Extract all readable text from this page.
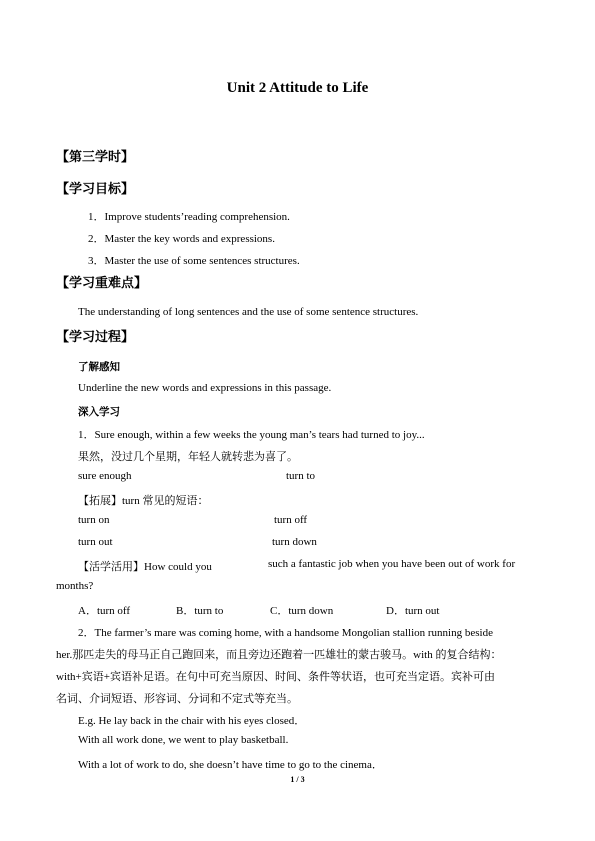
Unit 2 Attitude to Life
【第三学时】
【学习目标】
1．Improve students’reading comprehension.
2．Master the key words and expressions.
3．Master the use of some sentences structures.
【学习重难点】
The understanding of long sentences and the use of some sentence structures.
【学习过程】
了解感知
Underline the new words and expressions in this passage.
深入学习
1．Sure enough, within a few weeks the young man’s tears had turned to joy...
果然，没过几个星期，年轻人就转悲为喜了。
sure enough	turn to
【拓展】turn 常见的短语：
turn on	turn off
turn out	turn down
【活学活用】How could you	such a fantastic job when you have been out of work for
months?
A．turn off	B．turn to	C．turn down	D．turn out
2．The farmer’s mare was coming home, with a handsome Mongolian stallion running beside
her.那匹走失的母马正自己跑回来，而且旁边还跑着一匹雄壮的蒙古骏马。with 的复合结构：
with+宾语+宾语补足语。在句中可充当原因、时间、条件等状语，也可充当定语。宾补可由
名词、介词短语、形容词、分词和不定式等充当。
E.g. He lay back in the chair with his eyes closed．
With all work done, we went to play basketball.
With a lot of work to do, she doesn’t have time to go to the cinema．
1 / 3
